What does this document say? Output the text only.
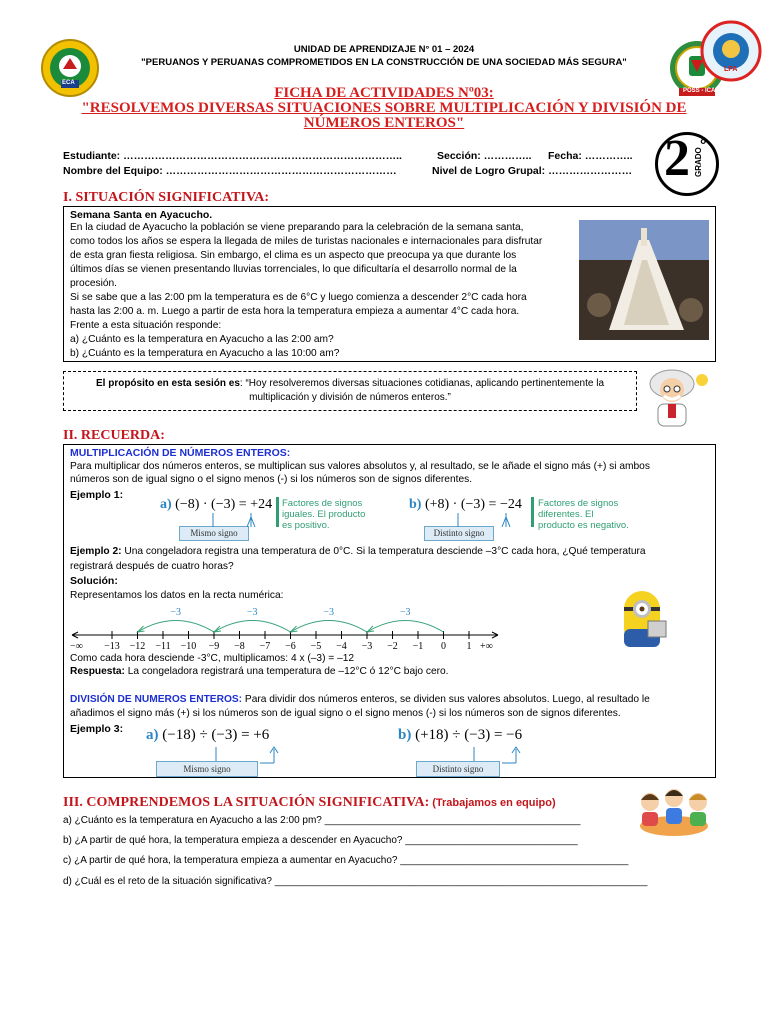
ECA
POSS - ICA
LPA
UNIDAD DE APRENDIZAJE N° 01 – 2024
"PERUANOS Y PERUANAS COMPROMETIDOS EN LA CONSTRUCCIÓN DE UNA SOCIEDAD MÁS SEGURA"
FICHA DE ACTIVIDADES Nº03:
"RESOLVEMOS DIVERSAS SITUACIONES SOBRE MULTIPLICACIÓN Y DIVISIÓN DE
NÚMEROS ENTEROS"
Estudiante: ……………………………………………………………………..	Sección: ………….. Fecha: …………..
Nombre del Equipo: …………………………………………………………	Nivel de Logro Grupal: …………………… 2 °
GRADO
I. SITUACIÓN SIGNIFICATIVA:
Semana Santa en Ayacucho.
En la ciudad de Ayacucho la población se viene preparando para la celebración de la semana santa,
como todos los años se espera la llegada de miles de turistas nacionales e internacionales para disfrutar
de esta gran fiesta religiosa. Sin embargo, el clima es un aspecto que preocupa ya que durante los
últimos días se vienen presentando lluvias torrenciales, lo que dificultaría el desarrollo normal de la
procesión.
Si se sabe que a las 2:00 pm la temperatura es de 6°C y luego comienza a descender 2°C cada hora
hasta las 2:00 a. m. Luego a partir de esta hora la temperatura empieza a aumentar 4°C cada hora.
Frente a esta situación responde:
a) ¿Cuánto es la temperatura en Ayacucho a las 2:00 am?
b) ¿Cuánto es la temperatura en Ayacucho a las 10:00 am?
El propósito en esta sesión es: “Hoy resolveremos diversas situaciones cotidianas, aplicando pertinentemente la
multiplicación y división de números enteros.”
II. RECUERDA:
MULTIPLICACIÓN DE NÚMEROS ENTEROS:
Para multiplicar dos números enteros, se multiplican sus valores absolutos y, al resultado, se le añade el signo más (+) si ambos
números son de igual signo o el signo menos (-) si los números son de signos diferentes.
Ejemplo 1:
a) (−8) · (−3) = +24
Mismo signo
Factores de signos
iguales. El producto
es positivo.
b) (+8) · (−3) = −24
Distinto signo
Factores de signos
diferentes. El
producto es negativo.
Ejemplo 2: Una congeladora registra una temperatura de 0°C. Si la temperatura desciende –3°C cada hora, ¿Qué temperatura
registrará después de cuatro horas?
Solución:
Representamos los datos en la recta numérica:
−∞	+∞
−13 −12 −11 −10 −9 −8 −7 −6 −5 −4 −3 −2 −1 0 1
−3
−3
−3
−3
Como cada hora desciende -3°C, multiplicamos: 4 x (–3) = –12
Respuesta: La congeladora registrará una temperatura de –12°C ó 12°C bajo cero.
DIVISIÓN DE NUMEROS ENTEROS: Para dividir dos números enteros, se dividen sus valores absolutos. Luego, al resultado le
añadimos el signo más (+) si los números son de igual signo o el signo menos (-) si los números son de signos diferentes.
Ejemplo 3: a) (−18) ÷ (−3) = +6
Mismo signo
b) (+18) ÷ (−3) = −6
Distinto signo
III. COMPRENDEMOS LA SITUACIÓN SIGNIFICATIVA: (Trabajamos en equipo)
a) ¿Cuánto es la temperatura en Ayacucho a las 2:00 pm? ______________________________________________
b) ¿A partir de qué hora, la temperatura empieza a descender en Ayacucho? _______________________________
c) ¿A partir de qué hora, la temperatura empieza a aumentar en Ayacucho? _________________________________________
d) ¿Cuál es el reto de la situación significativa? ___________________________________________________________________
